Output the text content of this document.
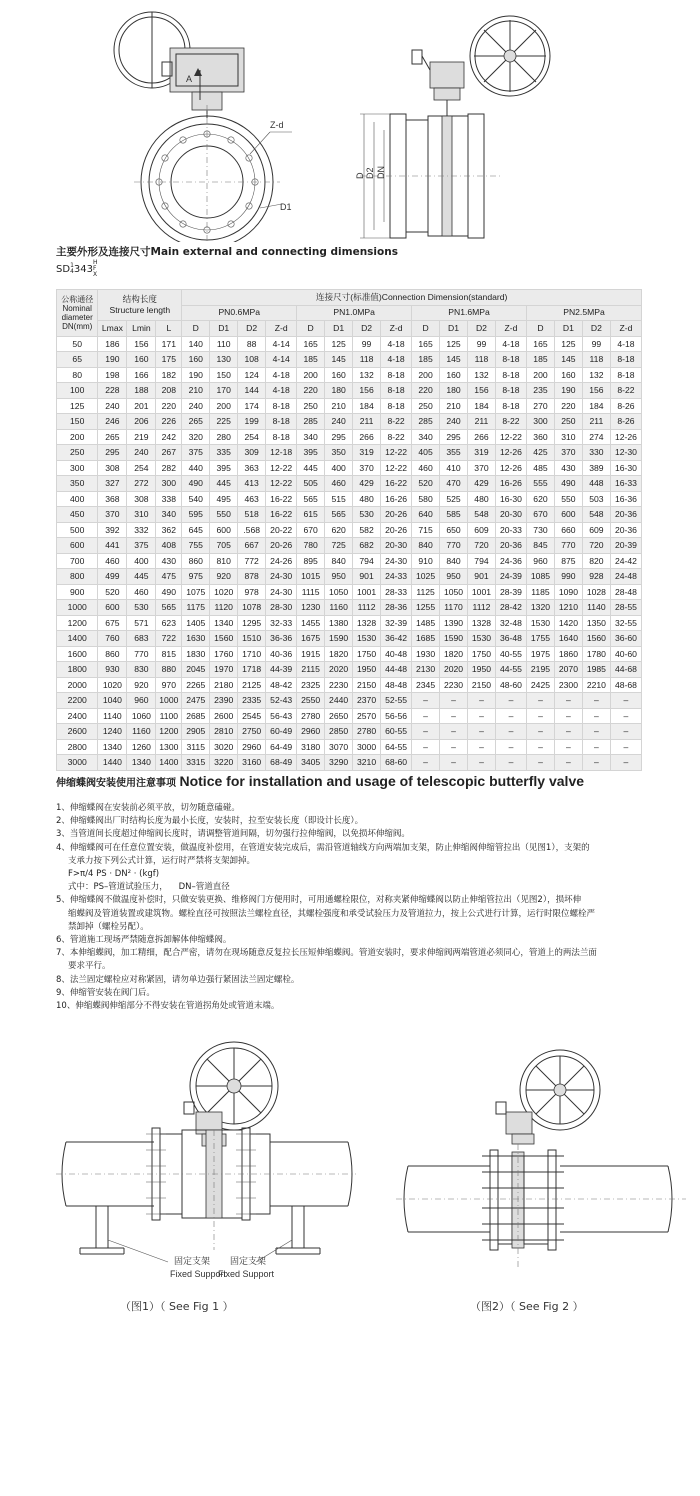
A
Z-d
D1
D D2 DN
主要外形及连接尺寸Main external and connecting dimensions
SD 1
4 343
H
F
X
公称通径
Nominal
diameter
DN(mm)	结构长度
Structure length			连接尺寸(标准值)Connection Dimension(standard)															
				PN0.6MPa				PN1.0MPa				PN1.6MPa				PN2.5MPa			
	Lmax	Lmin	L	D	D1	D2	Z-d	D	D1	D2	Z-d	D	D1	D2	Z-d	D	D1	D2	Z-d
50	186	156	171	140	110	88	4-14	165	125	99	4-18	165	125	99	4-18	165	125	99	4-18
65	190	160	175	160	130	108	4-14	185	145	118	4-18	185	145	118	8-18	185	145	118	8-18
80	198	166	182	190	150	124	4-18	200	160	132	8-18	200	160	132	8-18	200	160	132	8-18
100	228	188	208	210	170	144	4-18	220	180	156	8-18	220	180	156	8-18	235	190	156	8-22
125	240	201	220	240	200	174	8-18	250	210	184	8-18	250	210	184	8-18	270	220	184	8-26
150	246	206	226	265	225	199	8-18	285	240	211	8-22	285	240	211	8-22	300	250	211	8-26
200	265	219	242	320	280	254	8-18	340	295	266	8-22	340	295	266	12-22	360	310	274	12-26
250	295	240	267	375	335	309	12-18	395	350	319	12-22	405	355	319	12-26	425	370	330	12-30
300	308	254	282	440	395	363	12-22	445	400	370	12-22	460	410	370	12-26	485	430	389	16-30
350	327	272	300	490	445	413	12-22	505	460	429	16-22	520	470	429	16-26	555	490	448	16-33
400	368	308	338	540	495	463	16-22	565	515	480	16-26	580	525	480	16-30	620	550	503	16-36
450	370	310	340	595	550	518	16-22	615	565	530	20-26	640	585	548	20-30	670	600	548	20-36
500	392	332	362	645	600	.568	20-22	670	620	582	20-26	715	650	609	20-33	730	660	609	20-36
600	441	375	408	755	705	667	20-26	780	725	682	20-30	840	770	720	20-36	845	770	720	20-39
700	460	400	430	860	810	772	24-26	895	840	794	24-30	910	840	794	24-36	960	875	820	24-42
800	499	445	475	975	920	878	24-30	1015	950	901	24-33	1025	950	901	24-39	1085	990	928	24-48
900	520	460	490	1075	1020	978	24-30	1115	1050	1001	28-33	1125	1050	1001	28-39	1185	1090	1028	28-48
1000	600	530	565	1175	1120	1078	28-30	1230	1160	1112	28-36	1255	1170	1112	28-42	1320	1210	1140	28-55
1200	675	571	623	1405	1340	1295	32-33	1455	1380	1328	32-39	1485	1390	1328	32-48	1530	1420	1350	32-55
1400	760	683	722	1630	1560	1510	36-36	1675	1590	1530	36-42	1685	1590	1530	36-48	1755	1640	1560	36-60
1600	860	770	815	1830	1760	1710	40-36	1915	1820	1750	40-48	1930	1820	1750	40-55	1975	1860	1780	40-60
1800	930	830	880	2045	1970	1718	44-39	2115	2020	1950	44-48	2130	2020	1950	44-55	2195	2070	1985	44-68
2000	1020	920	970	2265	2180	2125	48-42	2325	2230	2150	48-48	2345	2230	2150	48-60	2425	2300	2210	48-68
2200	1040	960	1000	2475	2390	2335	52-43	2550	2440	2370	52-55	–	–	–	–	–	–	–	–
2400	1140	1060	1100	2685	2600	2545	56-43	2780	2650	2570	56-56	–	–	–	–	–	–	–	–
2600	1240	1160	1200	2905	2810	2750	60-49	2960	2850	2780	60-55	–	–	–	–	–	–	–	–
2800	1340	1260	1300	3115	3020	2960	64-49	3180	3070	3000	64-55	–	–	–	–	–	–	–	–
3000	1440	1340	1400	3315	3220	3160	68-49	3405	3290	3210	68-60	–	–	–	–	–	–	–	–
伸缩蝶阀安装使用注意事项 Notice for installation and usage of telescopic butterfly valve

1、伸缩蝶阀在安装前必须平放，切勿随意磕碰。

2、伸缩蝶阀出厂时结构长度为最小长度，安装时，拉至安装长度（即设计长度）。

3、当管道间长度超过伸缩阀长度时，请调整管道间隔，切勿强行拉伸缩阀，以免损坏伸缩阀。

4、伸缩蝶阀可在任意位置安装，做温度补偿用，在管道安装完成后，需沿管道轴线方向两端加支架，防止伸缩阀伸缩管拉出（见图1），支架的

支承力按下列公式计算，运行时严禁将支架卸掉。

F>π/4 PS · DN² · (kgf)

式中：PS–管道试验压力， DN–管道直径

5、伸缩蝶阀不做温度补偿时，只做安装更换、维修阀门方便用时，可用通螺栓限位，对称夹紧伸缩蝶阀以防止伸缩管拉出（见图2），损坏伸

缩蝶阀及管道装置或建筑物。螺栓直径可按照法兰螺栓直径，其螺栓强度和承受试验压力及管道拉力，按上公式进行计算，运行时限位螺栓严

禁卸掉（螺栓另配）。

6、管道施工现场严禁随意拆卸解体伸缩蝶阀。

7、本伸缩蝶阀，加工精细，配合严密，请勿在现场随意反复拉长压短伸缩蝶阀。管道安装时，要求伸缩阀两端管道必须同心，管道上的两法兰面

要求平行。

8、法兰固定螺栓应对称紧固，请勿单边强行紧固法兰固定螺栓。

9、伸缩管安装在阀门后。

10、伸缩蝶阀伸缩部分不得安装在管道拐角处或管道末端。

固定支架
Fixed Support
固定支架
Fixed Support
（图1）（ See Fig 1 ）	（图2）（ See Fig 2 ）
